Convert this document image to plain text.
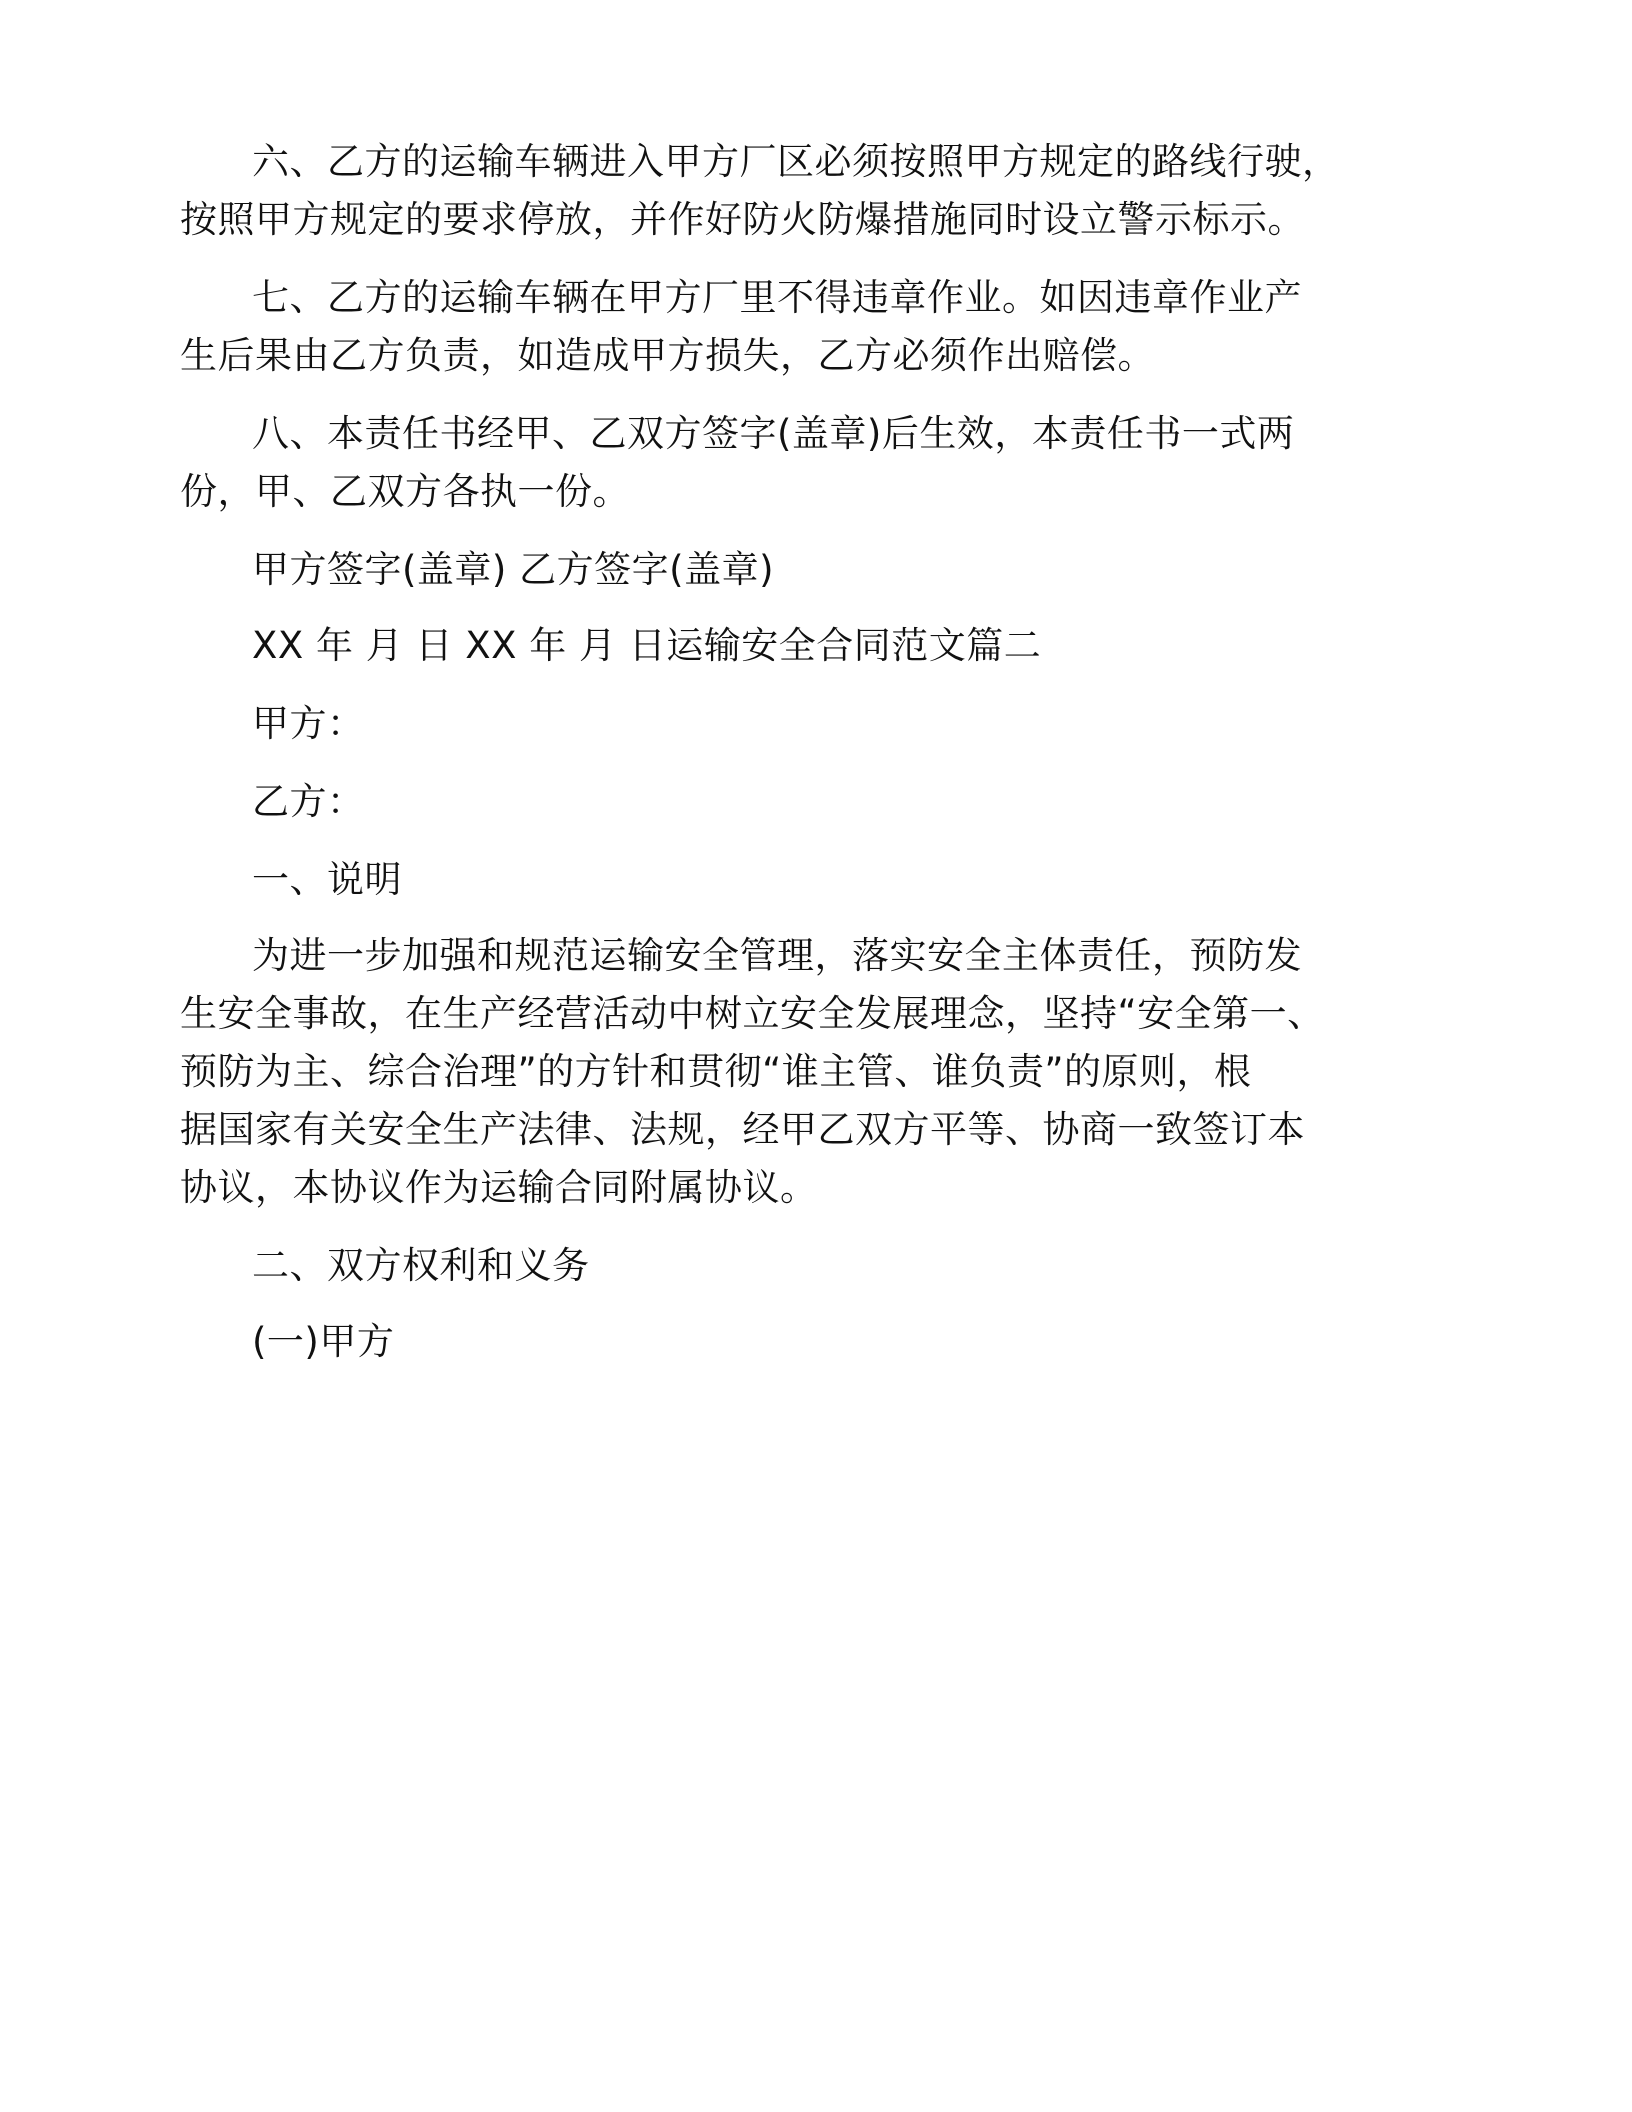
六、乙方的运输车辆进入甲方厂区必须按照甲方规定的路线行驶，
按照甲方规定的要求停放，并作好防火防爆措施同时设立警示标示。
七、乙方的运输车辆在甲方厂里不得违章作业。如因违章作业产
生后果由乙方负责，如造成甲方损失，乙方必须作出赔偿。
八、本责任书经甲、乙双方签字(盖章)后生效，本责任书一式两
份，甲、乙双方各执一份。
甲方签字(盖章) 乙方签字(盖章)
XX 年 月 日 XX 年 月 日运输安全合同范文篇二
甲方：
乙方：
一、说明
为进一步加强和规范运输安全管理，落实安全主体责任，预防发
生安全事故，在生产经营活动中树立安全发展理念，坚持“安全第一、
预防为主、综合治理”的方针和贯彻“谁主管、谁负责”的原则，根
据国家有关安全生产法律、法规，经甲乙双方平等、协商一致签订本
协议，本协议作为运输合同附属协议。
二、双方权利和义务
(一)甲方
